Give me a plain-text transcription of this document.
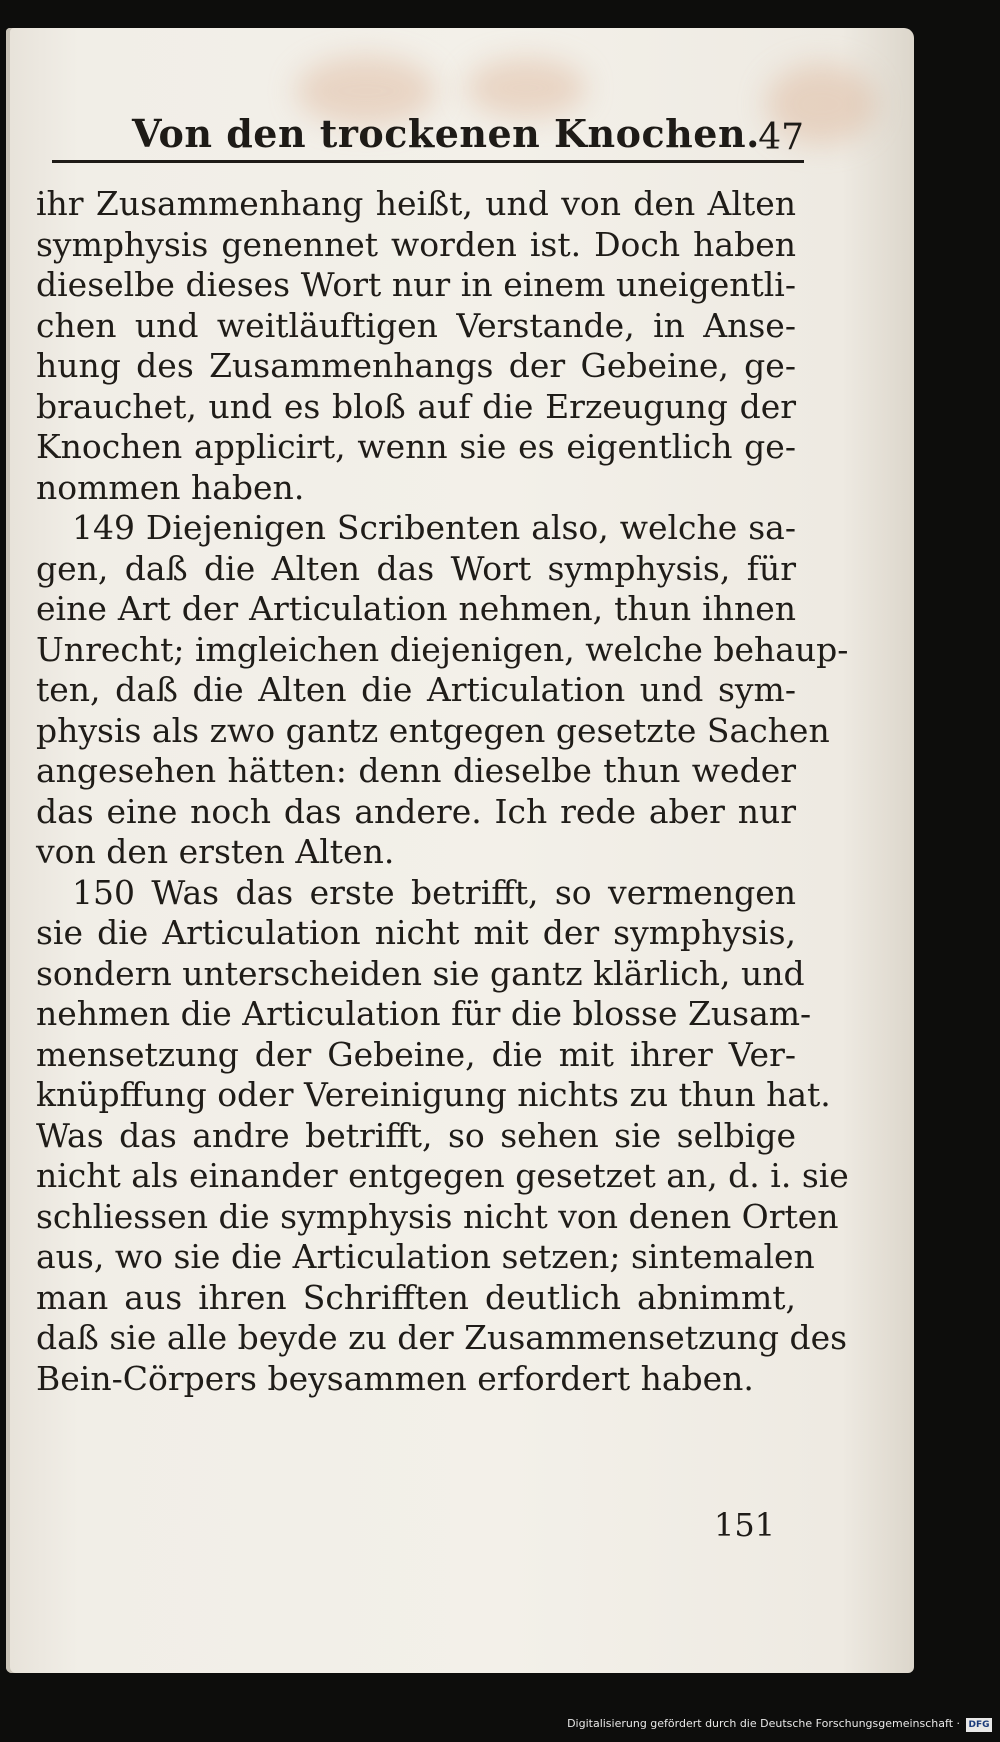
Von den trockenen Knochen.
47
ihr Zusammenhang heißt, und von den Alten
symphysis genennet worden ist. Doch haben
dieselbe dieses Wort nur in einem uneigentli-
chen und weitläuftigen Verstande, in Anse-
hung des Zusammenhangs der Gebeine, ge-
brauchet, und es bloß auf die Erzeugung der
Knochen applicirt, wenn sie es eigentlich ge-
nommen haben.
149 Diejenigen Scribenten also, welche sa-
gen, daß die Alten das Wort symphysis, für
eine Art der Articulation nehmen, thun ihnen
Unrecht; imgleichen diejenigen, welche behaup-
ten, daß die Alten die Articulation und sym-
physis als zwo gantz entgegen gesetzte Sachen
angesehen hätten: denn dieselbe thun weder
das eine noch das andere. Ich rede aber nur
von den ersten Alten.
150 Was das erste betrifft, so vermengen
sie die Articulation nicht mit der symphysis,
sondern unterscheiden sie gantz klärlich, und
nehmen die Articulation für die blosse Zusam-
mensetzung der Gebeine, die mit ihrer Ver-
knüpffung oder Vereinigung nichts zu thun hat.
Was das andre betrifft, so sehen sie selbige
nicht als einander entgegen gesetzet an, d. i. sie
schliessen die symphysis nicht von denen Orten
aus, wo sie die Articulation setzen; sintemalen
man aus ihren Schrifften deutlich abnimmt,
daß sie alle beyde zu der Zusammensetzung des
Bein-Cörpers beysammen erfordert haben.
151
Digitalisierung gefördert durch die Deutsche Forschungsgemeinschaft · DFG
